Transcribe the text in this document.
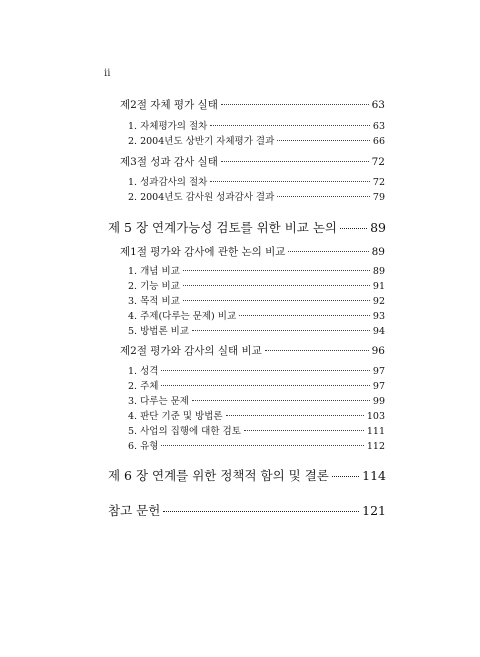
ii
제2절 자체 평가 실태	63
1. 자체평가의 절차	63
2. 2004년도 상반기 자체평가 결과	66
제3절 성과 감사 실태	72
1. 성과감사의 절차	72
2. 2004년도 감사원 성과감사 결과	79
제 5 장 연계가능성 검토를 위한 비교 논의	89
제1절 평가와 감사에 관한 논의 비교	89
1. 개념 비교	89
2. 기능 비교	91
3. 목적 비교	92
4. 주제(다루는 문제) 비교	93
5. 방법론 비교	94
제2절 평가와 감사의 실태 비교	96
1. 성격	97
2. 주체	97
3. 다루는 문제	99
4. 판단 기준 및 방법론	103
5. 사업의 집행에 대한 검토	111
6. 유형	112
제 6 장 연계를 위한 정책적 함의 및 결론	114
참고 문헌	121
